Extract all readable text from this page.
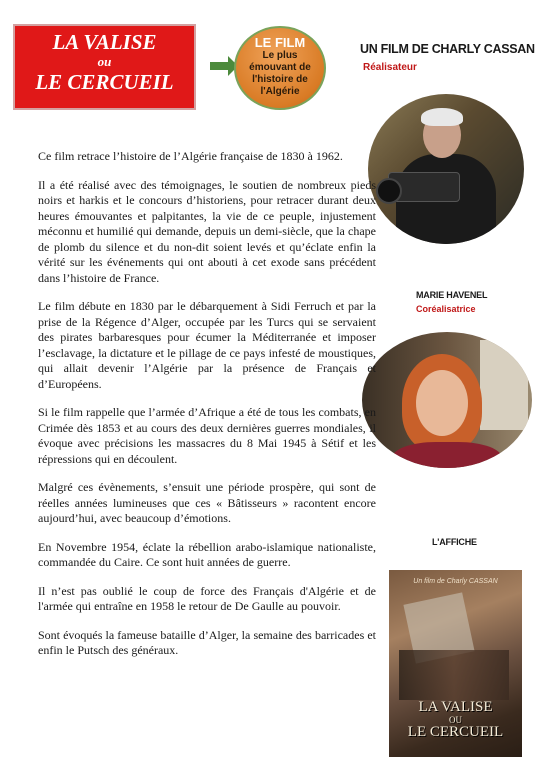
LA VALISE
ou
LE CERCUEIL
LE FILM
Le plus
émouvant de
l'histoire de
l'Algérie
UN FILM DE CHARLY CASSAN
Réalisateur
MARIE HAVENEL
Coréalisatrice
L'AFFICHE
Un film de Charly CASSAN
LA VALISE
OU
LE CERCUEIL

Ce film retrace l’histoire de l’Algérie française de 1830 à 1962.

Il a été réalisé avec des témoignages, le soutien de nombreux pieds noirs et harkis et le concours d’historiens, pour retracer durant deux heures émouvantes et palpitantes, la vie de ce peuple, injustement méconnu et humilié qui demande, depuis un demi-siècle, que la chape de plomb du silence et du non-dit soient levés et qu’éclate enfin la vérité sur les événements qui ont abouti à cet exode sans précédent dans l’histoire de France.

Le film débute en 1830 par le débarquement à Sidi Ferruch et par la prise de la Régence d’Alger, occupée par les Turcs qui se servaient des pirates barbaresques pour écumer la Méditerranée et imposer l’esclavage, la dictature et le pillage de ce pays infesté de moustiques, qui allait devenir l’Algérie par la présence de Français et d’Européens.

Si le film rappelle que l’armée d’Afrique a été de tous les combats, en Crimée dès 1853 et au cours des deux dernières guerres mondiales, il évoque avec précisions les massacres du 8 Mai 1945 à Sétif et les répressions qui en découlent.

Malgré ces évènements, s’ensuit une période prospère, qui sont de réelles années lumineuses que ces « Bâtisseurs » racontent encore aujourd’hui, avec beaucoup d’émotions.

En Novembre 1954, éclate la rébellion arabo-islamique nationaliste, commandée du Caire. Ce sont huit années de guerre.

Il n’est pas oublié le coup de force des Français d'Algérie et de l'armée qui entraîne en 1958 le retour de De Gaulle au pouvoir.

Sont évoqués la fameuse bataille d’Alger, la semaine des barricades et enfin le Putsch des généraux.
